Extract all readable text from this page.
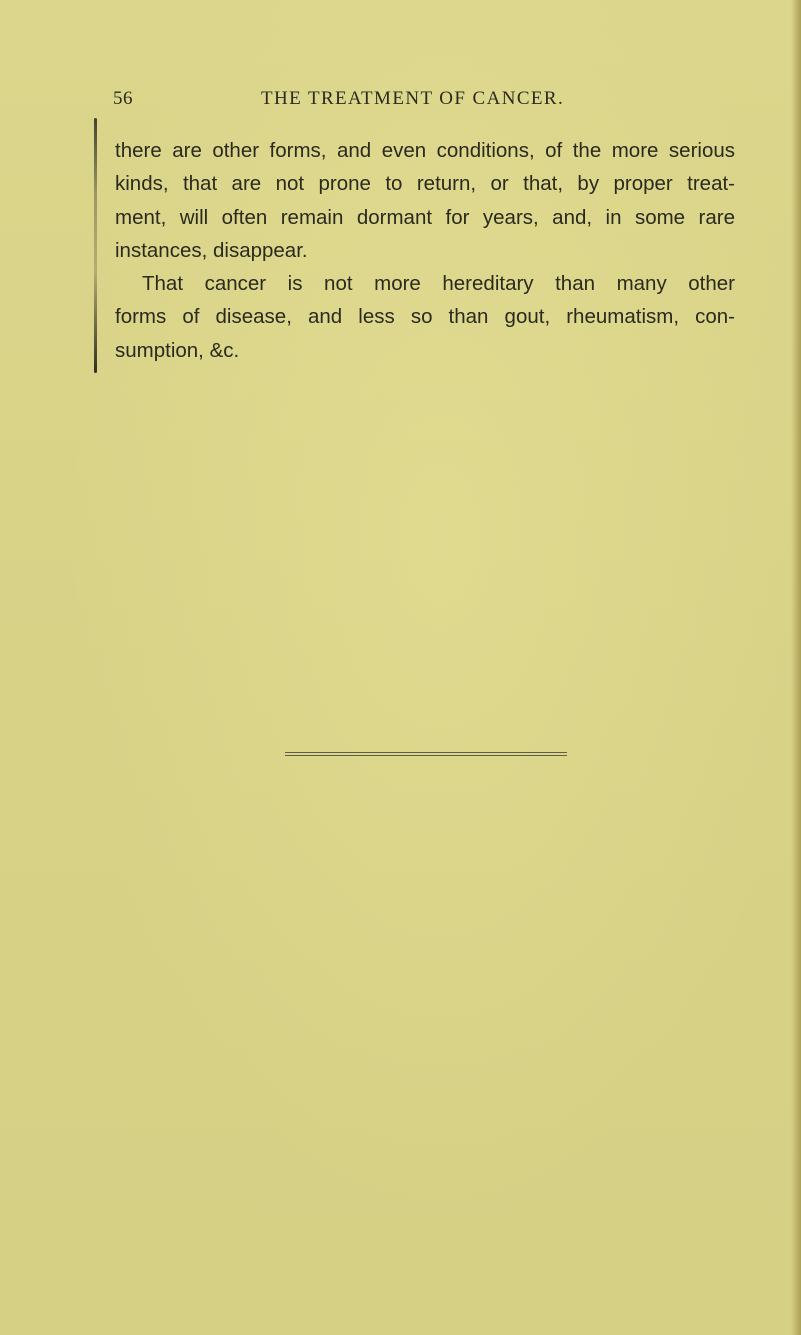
56	THE TREATMENT OF CANCER.
there are other forms, and even conditions, of the more serious
kinds, that are not prone to return, or that, by proper treat-
ment, will often remain dormant for years, and, in some rare
instances, disappear.
That cancer is not more hereditary than many other
forms of disease, and less so than gout, rheumatism, con-
sumption, &c.
